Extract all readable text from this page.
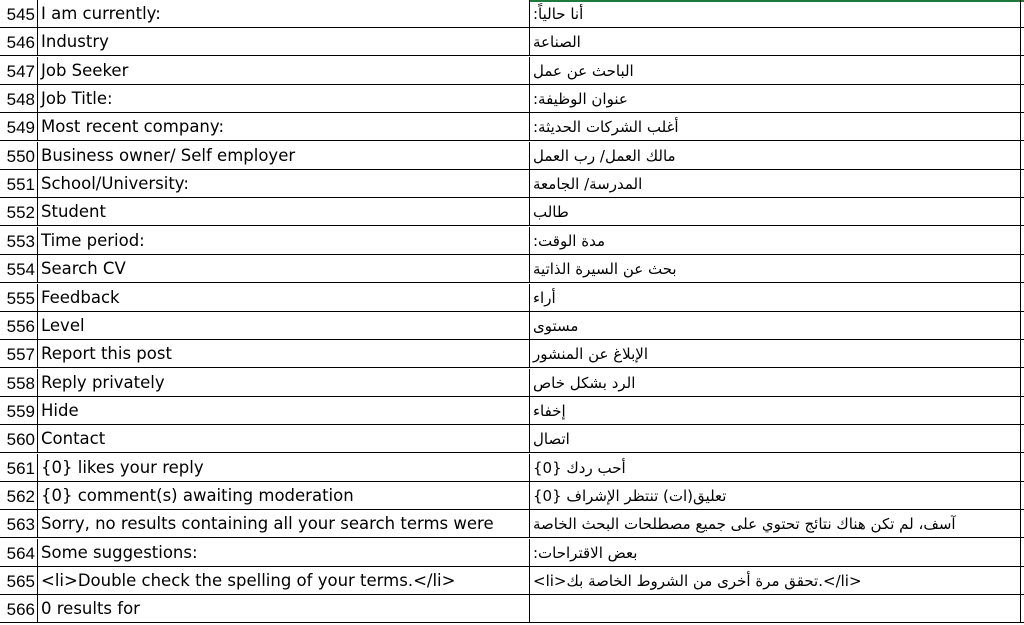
545 I am currently:	أنا حالياً:
546 Industry	الصناعة
547 Job Seeker	الباحث عن عمل
548 Job Title:	عنوان الوظيفة:
549 Most recent company:	أغلب الشركات الحديثة:
550 Business owner/ Self employer	مالك العمل/ رب العمل
551 School/University:	المدرسة/ الجامعة
552 Student	طالب
553 Time period:	مدة الوقت:
554 Search CV	بحث عن السيرة الذاتية
555 Feedback	أراء
556 Level	مستوى
557 Report this post	الإبلاغ عن المنشور
558 Reply privately	الرد بشكل خاص
559 Hide	إخفاء
560 Contact	اتصال
561 {0} likes your reply	أحب ردك {0}
562 {0} comment(s) awaiting moderation	تعليق(ات) تنتظر الإشراف {0}
563 Sorry, no results containing all your search terms were	آسف، لم تكن هناك نتائج تحتوي على جميع مصطلحات البحث الخاصة
564 Some suggestions:	بعض الاقتراحات:
565 <li>Double check the spelling of your terms.</li>	<li>تحقق مرة أخرى من الشروط الخاصة بك.</li>
566 0 results for
